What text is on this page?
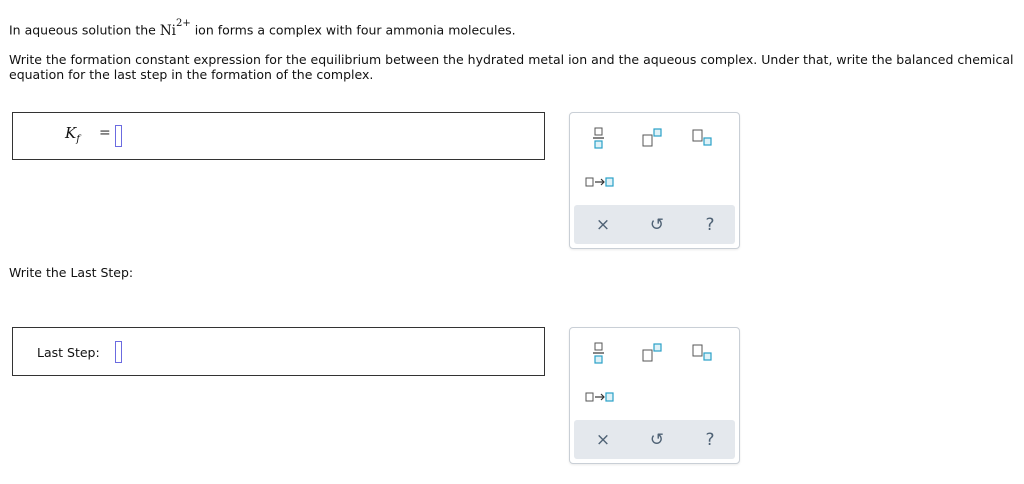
In aqueous solution the $Ni^{2+}$ ion forms a complex with four ammonia molecules.

Write the formation constant expression for the equilibrium between the hydrated metal ion and the aqueous complex. Under that, write the balanced chemical equation for the last step in the formation of the complex.

$K_f$ =
× ↺	?

Write the Last Step:

Last Step:
× ↺	?
